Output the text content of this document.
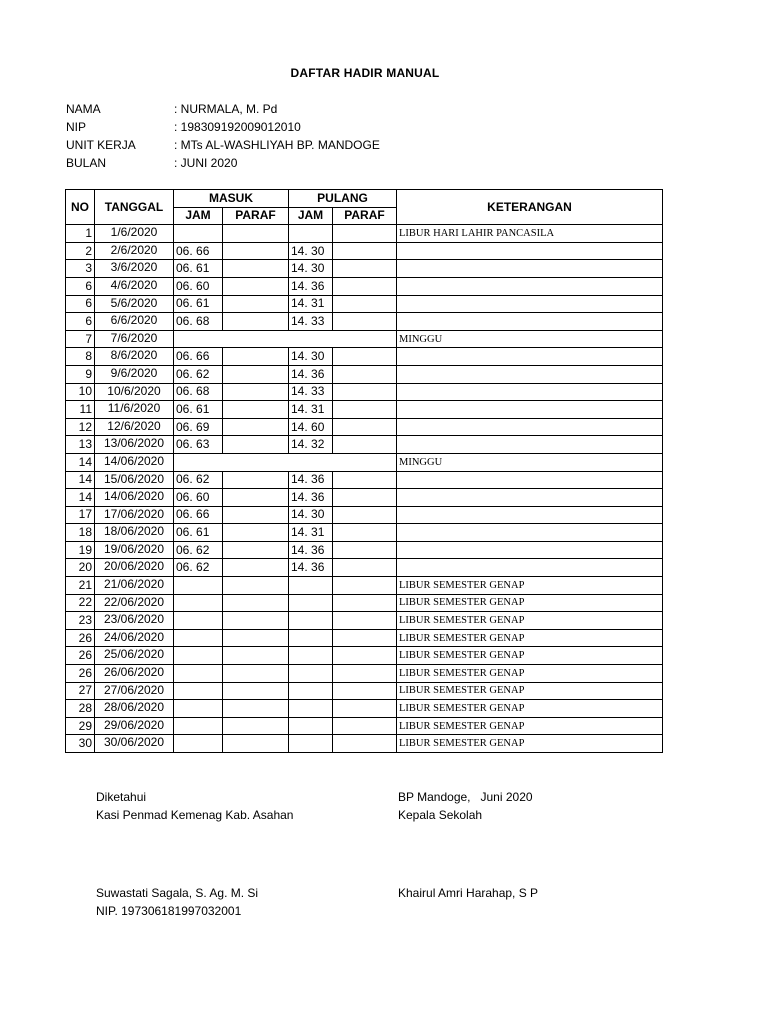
DAFTAR HADIR MANUAL
NAMA	: NURMALA, M. Pd
NIP	: 198309192009012010
UNIT KERJA	: MTs AL-WASHLIYAH BP. MANDOGE
BULAN	: JUNI 2020
NO	TANGGAL	MASUK		PULANG		KETERANGAN
		JAM	PARAF	JAM	PARAF	
1	1/6/2020					LIBUR HARI LAHIR PANCASILA
2	2/6/2020	06. 66		14. 30		
3	3/6/2020	06. 61		14. 30		
6	4/6/2020	06. 60		14. 36		
6	5/6/2020	06. 61		14. 31		
6	6/6/2020	06. 68		14. 33		
7	7/6/2020					MINGGU
8	8/6/2020	06. 66		14. 30		
9	9/6/2020	06. 62		14. 36		
10	10/6/2020	06. 68		14. 33		
11	11/6/2020	06. 61		14. 31		
12	12/6/2020	06. 69		14. 60		
13	13/06/2020	06. 63		14. 32		
14	14/06/2020					MINGGU
14	15/06/2020	06. 62		14. 36		
14	14/06/2020	06. 60		14. 36		
17	17/06/2020	06. 66		14. 30		
18	18/06/2020	06. 61		14. 31		
19	19/06/2020	06. 62		14. 36		
20	20/06/2020	06. 62		14. 36		
21	21/06/2020					LIBUR SEMESTER GENAP
22	22/06/2020					LIBUR SEMESTER GENAP
23	23/06/2020					LIBUR SEMESTER GENAP
26	24/06/2020					LIBUR SEMESTER GENAP
26	25/06/2020					LIBUR SEMESTER GENAP
26	26/06/2020					LIBUR SEMESTER GENAP
27	27/06/2020					LIBUR SEMESTER GENAP
28	28/06/2020					LIBUR SEMESTER GENAP
29	29/06/2020					LIBUR SEMESTER GENAP
30	30/06/2020					LIBUR SEMESTER GENAP
Diketahui
Kasi Penmad Kemenag Kab. Asahan
Suwastati Sagala, S. Ag. M. Si
NIP. 197306181997032001
BP Mandoge,   Juni 2020
Kepala Sekolah
Khairul Amri Harahap, S P
